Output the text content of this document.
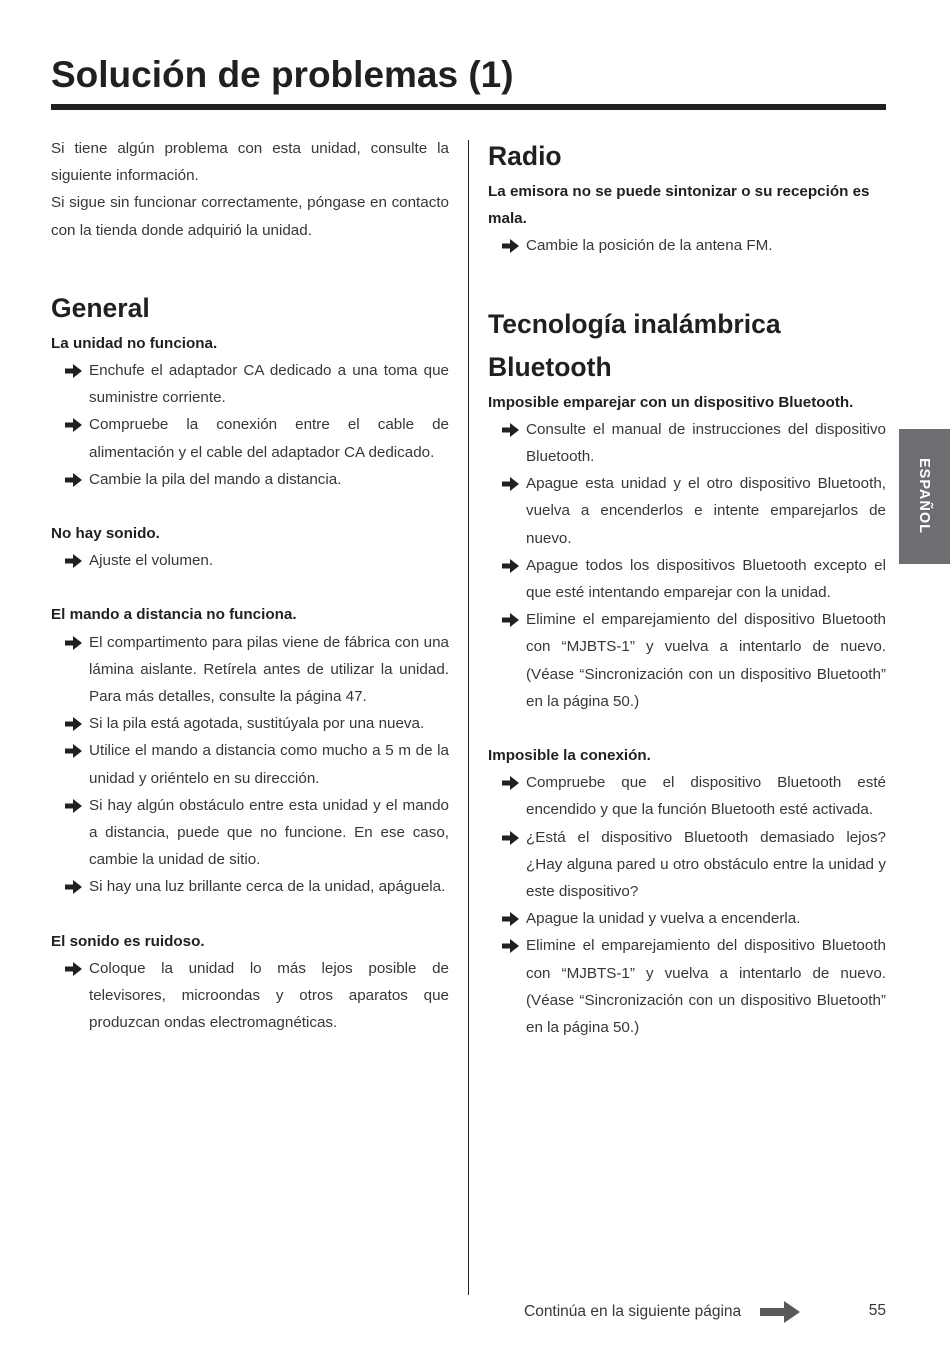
Solución de problemas (1)

Si tiene algún problema con esta unidad, consulte la siguiente información.

Si sigue sin funcionar correctamente, póngase en contacto con la tienda donde adquirió la unidad.

General
La unidad no funciona.
Enchufe el adaptador CA dedicado a una toma que suministre corriente.
Compruebe la conexión entre el cable de alimentación y el cable del adaptador CA dedicado.
Cambie la pila del mando a distancia.
No hay sonido.
Ajuste el volumen.
El mando a distancia no funciona.
El compartimento para pilas viene de fábrica con una lámina aislante. Retírela antes de utilizar la unidad. Para más detalles, consulte la página 47.
Si la pila está agotada, sustitúyala por una nueva.
Utilice el mando a distancia como mucho a 5 m de la unidad y oriéntelo en su dirección.
Si hay algún obstáculo entre esta unidad y el mando a distancia, puede que no funcione. En ese caso, cambie la unidad de sitio.
Si hay una luz brillante cerca de la unidad, apáguela.
El sonido es ruidoso.
Coloque la unidad lo más lejos posible de televisores, microondas y otros aparatos que produzcan ondas electromagnéticas.
Radio
La emisora no se puede sintonizar o su recepción es mala.
Cambie la posición de la antena FM.
Tecnología inalámbrica
Bluetooth
Imposible emparejar con un dispositivo Bluetooth.
Consulte el manual de instrucciones del dispositivo Bluetooth.
Apague esta unidad y el otro dispositivo Bluetooth, vuelva a encenderlos e intente emparejarlos de nuevo.
Apague todos los dispositivos Bluetooth excepto el que esté intentando emparejar con la unidad.
Elimine el emparejamiento del dispositivo Bluetooth con “MJBTS-1” y vuelva a intentarlo de nuevo. (Véase “Sincronización con un dispositivo Bluetooth” en la página 50.)
Imposible la conexión.
Compruebe que el dispositivo Bluetooth esté encendido y que la función Bluetooth esté activada.
¿Está el dispositivo Bluetooth demasiado lejos? ¿Hay alguna pared u otro obstáculo entre la unidad y este dispositivo?
Apague la unidad y vuelva a encenderla.
Elimine el emparejamiento del dispositivo Bluetooth con “MJBTS-1” y vuelva a intentarlo de nuevo. (Véase “Sincronización con un dispositivo Bluetooth” en la página 50.)
ESPAÑOL
Continúa en la siguiente página	55
